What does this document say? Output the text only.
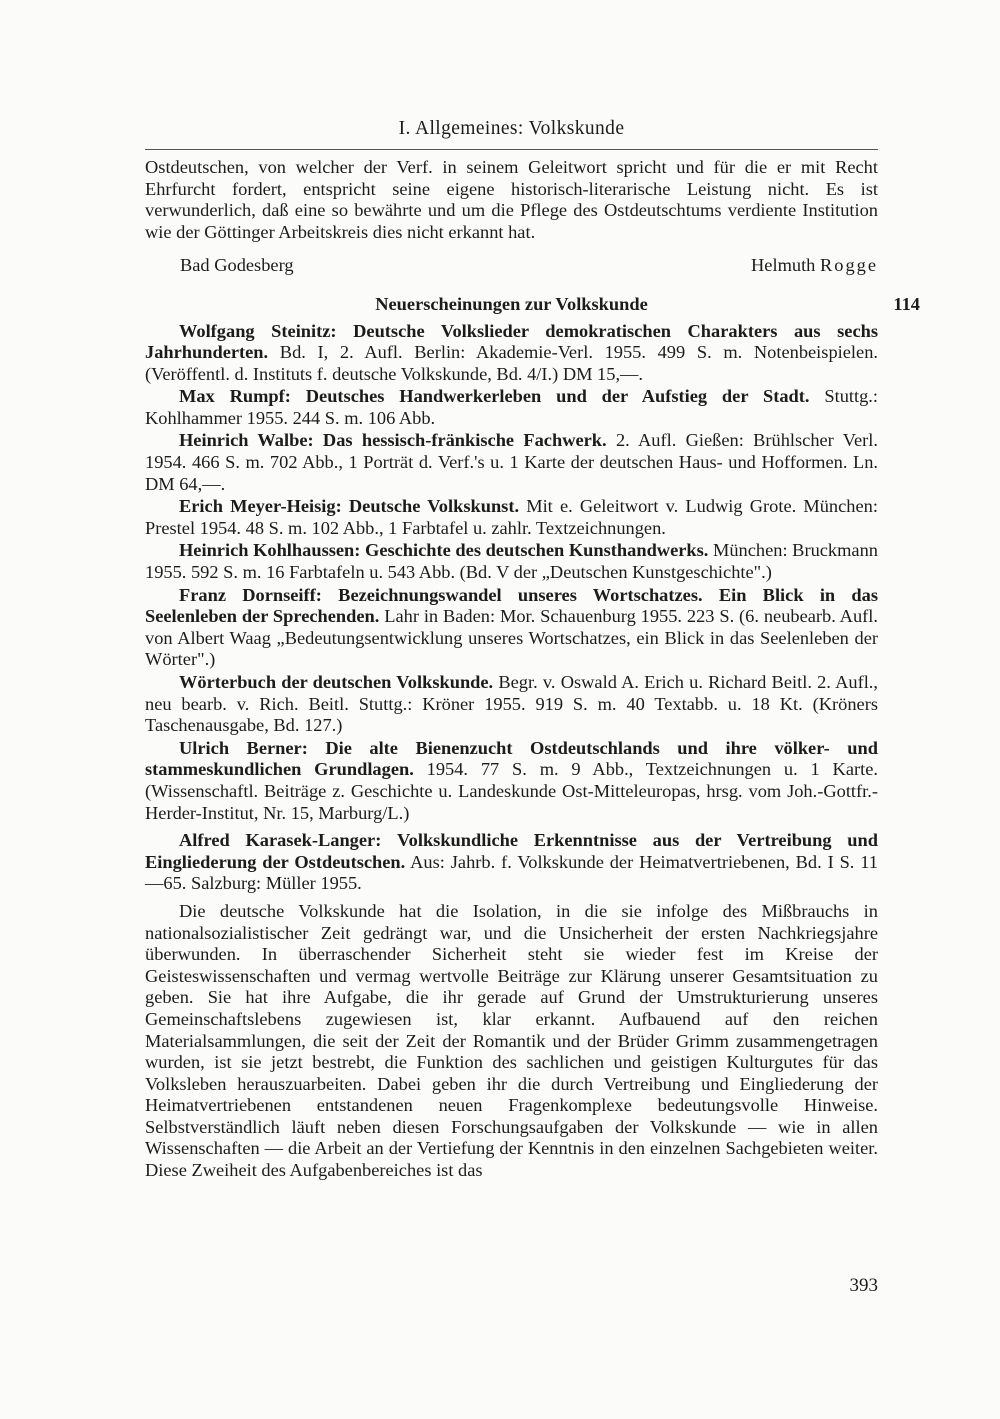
I. Allgemeines: Volkskunde

Ostdeutschen, von welcher der Verf. in seinem Geleitwort spricht und für die er mit Recht Ehrfurcht fordert, entspricht seine eigene historisch-literarische Leistung nicht. Es ist verwunderlich, daß eine so bewährte und um die Pflege des Ostdeutschtums verdiente Institution wie der Göttinger Arbeitskreis dies nicht erkannt hat.

Bad Godesberg	Helmuth Rogge
Neuerscheinungen zur Volkskunde	114

Wolfgang Steinitz: Deutsche Volkslieder demokratischen Charakters aus sechs Jahrhunderten. Bd. I, 2. Aufl. Berlin: Akademie-Verl. 1955. 499 S. m. Notenbeispielen. (Veröffentl. d. Instituts f. deutsche Volkskunde, Bd. 4/I.) DM 15,—.

Max Rumpf: Deutsches Handwerkerleben und der Aufstieg der Stadt. Stuttg.: Kohlhammer 1955. 244 S. m. 106 Abb.

Heinrich Walbe: Das hessisch-fränkische Fachwerk. 2. Aufl. Gießen: Brühlscher Verl. 1954. 466 S. m. 702 Abb., 1 Porträt d. Verf.'s u. 1 Karte der deutschen Haus- und Hofformen. Ln. DM 64,—.

Erich Meyer-Heisig: Deutsche Volkskunst. Mit e. Geleitwort v. Ludwig Grote. München: Prestel 1954. 48 S. m. 102 Abb., 1 Farbtafel u. zahlr. Textzeichnungen.

Heinrich Kohlhaussen: Geschichte des deutschen Kunsthandwerks. München: Bruckmann 1955. 592 S. m. 16 Farbtafeln u. 543 Abb. (Bd. V der „Deutschen Kunstgeschichte".)

Franz Dornseiff: Bezeichnungswandel unseres Wortschatzes. Ein Blick in das Seelenleben der Sprechenden. Lahr in Baden: Mor. Schauenburg 1955. 223 S. (6. neubearb. Aufl. von Albert Waag „Bedeutungsentwicklung unseres Wortschatzes, ein Blick in das Seelenleben der Wörter".)

Wörterbuch der deutschen Volkskunde. Begr. v. Oswald A. Erich u. Richard Beitl. 2. Aufl., neu bearb. v. Rich. Beitl. Stuttg.: Kröner 1955. 919 S. m. 40 Textabb. u. 18 Kt. (Kröners Taschenausgabe, Bd. 127.)

Ulrich Berner: Die alte Bienenzucht Ostdeutschlands und ihre völker- und stammeskundlichen Grundlagen. 1954. 77 S. m. 9 Abb., Textzeichnungen u. 1 Karte. (Wissenschaftl. Beiträge z. Geschichte u. Landeskunde Ost-Mitteleuropas, hrsg. vom Joh.-Gottfr.-Herder-Institut, Nr. 15, Marburg/L.)

Alfred Karasek-Langer: Volkskundliche Erkenntnisse aus der Vertreibung und Eingliederung der Ostdeutschen. Aus: Jahrb. f. Volkskunde der Heimatvertriebenen, Bd. I S. 11—65. Salzburg: Müller 1955.

Die deutsche Volkskunde hat die Isolation, in die sie infolge des Mißbrauchs in nationalsozialistischer Zeit gedrängt war, und die Unsicherheit der ersten Nachkriegsjahre überwunden. In überraschender Sicherheit steht sie wieder fest im Kreise der Geisteswissenschaften und vermag wertvolle Beiträge zur Klärung unserer Gesamtsituation zu geben. Sie hat ihre Aufgabe, die ihr gerade auf Grund der Umstrukturierung unseres Gemeinschaftslebens zugewiesen ist, klar erkannt. Aufbauend auf den reichen Materialsammlungen, die seit der Zeit der Romantik und der Brüder Grimm zusammengetragen wurden, ist sie jetzt bestrebt, die Funktion des sachlichen und geistigen Kulturgutes für das Volksleben herauszuarbeiten. Dabei geben ihr die durch Vertreibung und Eingliederung der Heimatvertriebenen entstandenen neuen Fragenkomplexe bedeutungsvolle Hinweise. Selbstverständlich läuft neben diesen Forschungsaufgaben der Volkskunde — wie in allen Wissenschaften — die Arbeit an der Vertiefung der Kenntnis in den einzelnen Sachgebieten weiter. Diese Zweiheit des Aufgabenbereiches ist das

393
